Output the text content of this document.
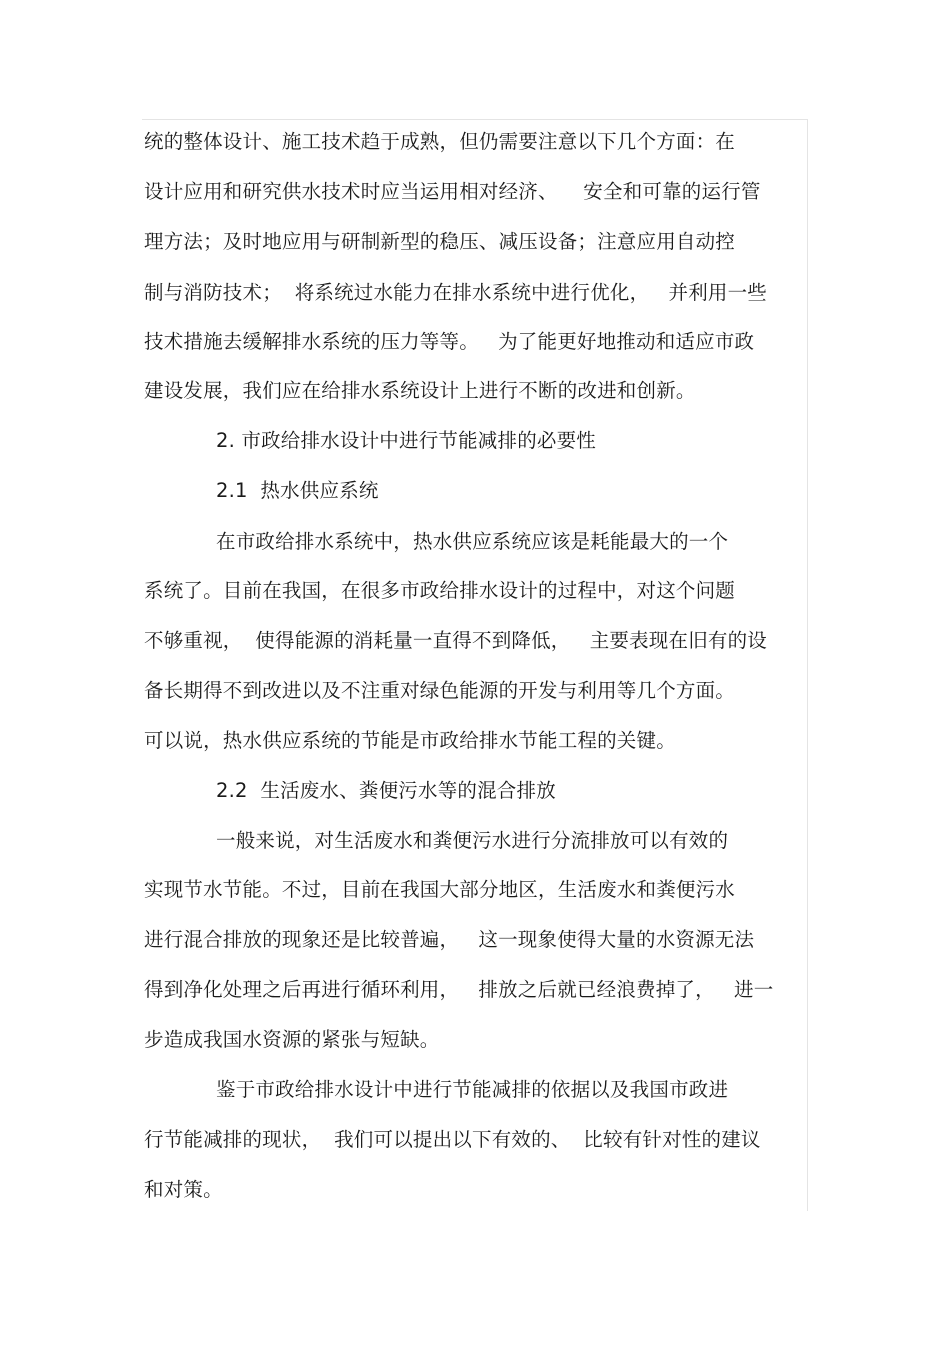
统的整体设计、施工技术趋于成熟，但仍需要注意以下几个方面：在
设计应用和研究供水技术时应当运用相对经济、    安全和可靠的运行管
理方法；及时地应用与研制新型的稳压、减压设备；注意应用自动控
制与消防技术；  将系统过水能力在排水系统中进行优化，   并利用一些
技术措施去缓解排水系统的压力等等。   为了能更好地推动和适应市政
建设发展，我们应在给排水系统设计上进行不断的改进和创新。
2. 市政给排水设计中进行节能减排的必要性
2.1  热水供应系统
在市政给排水系统中，热水供应系统应该是耗能最大的一个
系统了。目前在我国，在很多市政给排水设计的过程中，对这个问题
不够重视，  使得能源的消耗量一直得不到降低，   主要表现在旧有的设
备长期得不到改进以及不注重对绿色能源的开发与利用等几个方面。
可以说，热水供应系统的节能是市政给排水节能工程的关键。
2.2  生活废水、粪便污水等的混合排放
一般来说，对生活废水和粪便污水进行分流排放可以有效的
实现节水节能。不过，目前在我国大部分地区，生活废水和粪便污水
进行混合排放的现象还是比较普遍，   这一现象使得大量的水资源无法
得到净化处理之后再进行循环利用，   排放之后就已经浪费掉了，   进一
步造成我国水资源的紧张与短缺。
鉴于市政给排水设计中进行节能减排的依据以及我国市政进
行节能减排的现状，  我们可以提出以下有效的、  比较有针对性的建议
和对策。
